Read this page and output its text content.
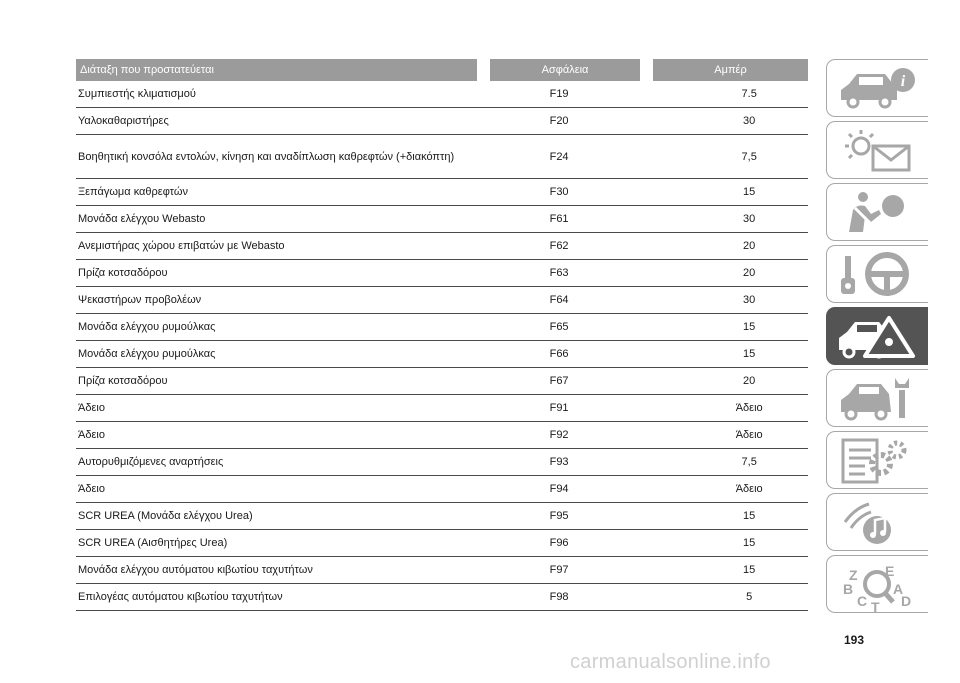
Διάταξη που προστατεύεται	Ασφάλεια	Αμπέρ
Συμπιεστής κλιματισμού	F19	7.5
Υαλοκαθαριστήρες	F20	30
Βοηθητική κονσόλα εντολών, κίνηση και αναδίπλωση καθρεφτών (+διακόπτη)	F24	7,5
Ξεπάγωμα καθρεφτών	F30	15
Μονάδα ελέγχου Webasto	F61	30
Ανεμιστήρας χώρου επιβατών με Webasto	F62	20
Πρίζα κοτσαδόρου	F63	20
Ψεκαστήρων προβολέων	F64	30
Μονάδα ελέγχου ρυμούλκας	F65	15
Μονάδα ελέγχου ρυμούλκας	F66	15
Πρίζα κοτσαδόρου	F67	20
Άδειο	F91	Άδειο
Άδειο	F92	Άδειο
Αυτορυθμιζόμενες αναρτήσεις	F93	7,5
Άδειο	F94	Άδειο
SCR UREA (Μονάδα ελέγχου Urea)	F95	15
SCR UREA (Αισθητήρες Urea)	F96	15
Μονάδα ελέγχου αυτόματου κιβωτίου ταχυτήτων	F97	15
Επιλογέας αυτόματου κιβωτίου ταχυτήτων	F98	5
i
Z E
B	A
C D
T
193
carmanualsonline.info
